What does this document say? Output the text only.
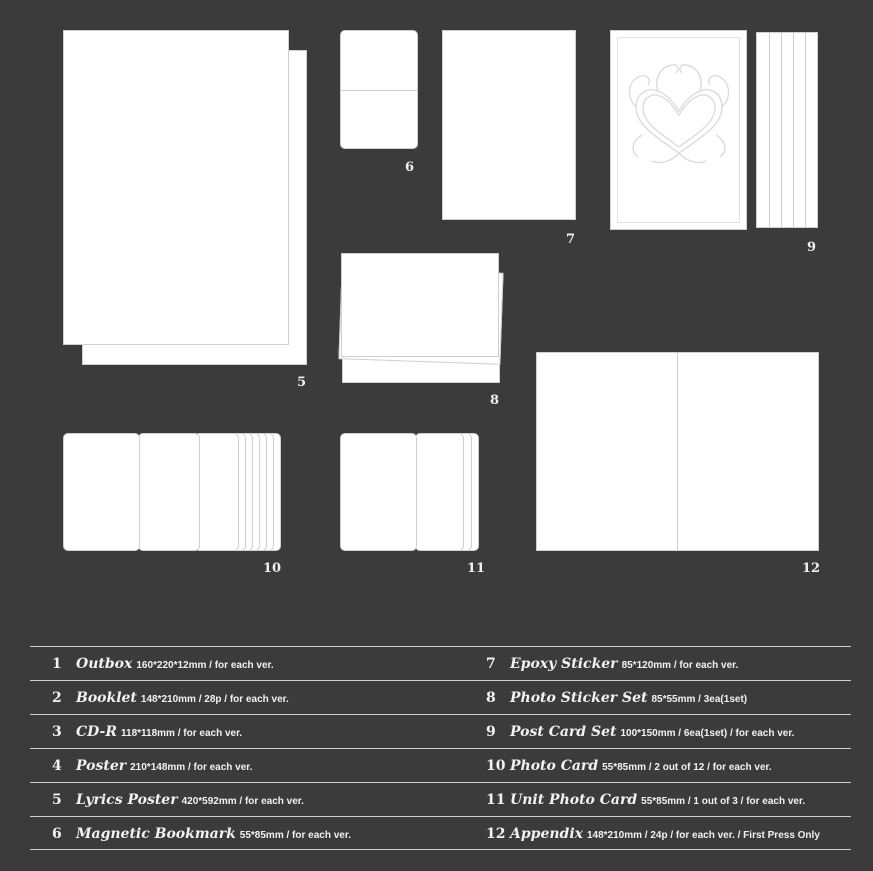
5
6
7
9
8
12
10	11
1 Outbox 160*220*12mm / for each ver.
2 Booklet 148*210mm / 28p / for each ver.
3 CD-R 118*118mm / for each ver.
4 Poster 210*148mm / for each ver.
5 Lyrics Poster 420*592mm / for each ver.
6 Magnetic Bookmark 55*85mm / for each ver.
7 Epoxy Sticker 85*120mm / for each ver.
8 Photo Sticker Set 85*55mm / 3ea(1set)
9 Post Card Set 100*150mm / 6ea(1set) / for each ver.
10 Photo Card 55*85mm / 2 out of 12 / for each ver.
11 Unit Photo Card 55*85mm / 1 out of 3 / for each ver.
12 Appendix 148*210mm / 24p / for each ver. / First Press Only
